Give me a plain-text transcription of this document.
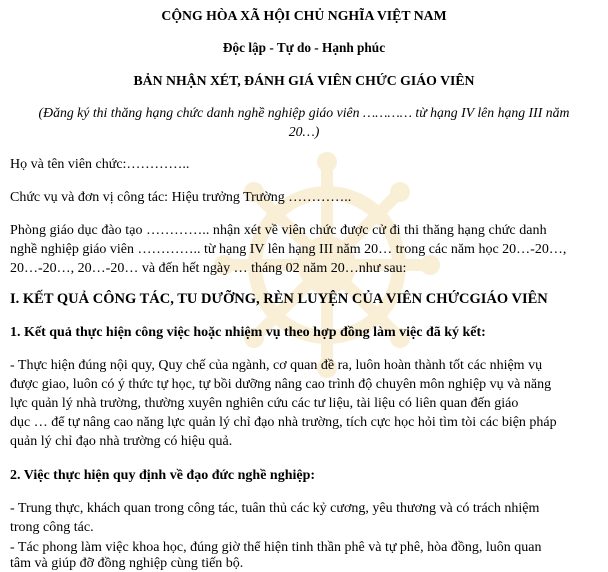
CỘNG HÒA XÃ HỘI CHỦ NGHĨA VIỆT NAM
Độc lập - Tự do - Hạnh phúc
BẢN NHẬN XÉT, ĐÁNH GIÁ VIÊN CHỨC GIÁO VIÊN
(Đăng ký thi thăng hạng chức danh nghề nghiệp giáo viên ………… từ hạng IV lên hạng III năm
20…)
Họ và tên viên chức:…………..
Chức vụ và đơn vị công tác: Hiệu trưởng Trường …………..
Phòng giáo dục đào tạo ………….. nhận xét về viên chức được cử đi thi thăng hạng chức danh
nghề nghiệp giáo viên ………….. từ hạng IV lên hạng III năm 20… trong các năm học 20…-20…,
20…-20…, 20…-20… và đến hết ngày … tháng 02 năm 20…như sau:
I. KẾT QUẢ CÔNG TÁC, TU DƯỠNG, RÈN LUYỆN CỦA VIÊN CHỨCGIÁO VIÊN
1. Kết quả thực hiện công việc hoặc nhiệm vụ theo hợp đồng làm việc đã ký kết:
- Thực hiện đúng nội quy, Quy chế của ngành, cơ quan đề ra, luôn hoàn thành tốt các nhiệm vụ
được giao, luôn có ý thức tự học, tự bồi dưỡng nâng cao trình độ chuyên môn nghiệp vụ và năng
lực quản lý nhà trường, thường xuyên nghiên cứu các tư liệu, tài liệu có liên quan đến giáo
dục … để tự nâng cao năng lực quản lý chỉ đạo nhà trường, tích cực học hỏi tìm tòi các biện pháp
quản lý chỉ đạo nhà trường có hiệu quả.
2. Việc thực hiện quy định về đạo đức nghề nghiệp:
- Trung thực, khách quan trong công tác, tuân thủ các kỷ cương, yêu thương và có trách nhiệm
trong công tác.
- Tác phong làm việc khoa học, đúng giờ thể hiện tinh thần phê và tự phê, hòa đồng, luôn quan
tâm và giúp đỡ đồng nghiệp cùng tiến bộ.
